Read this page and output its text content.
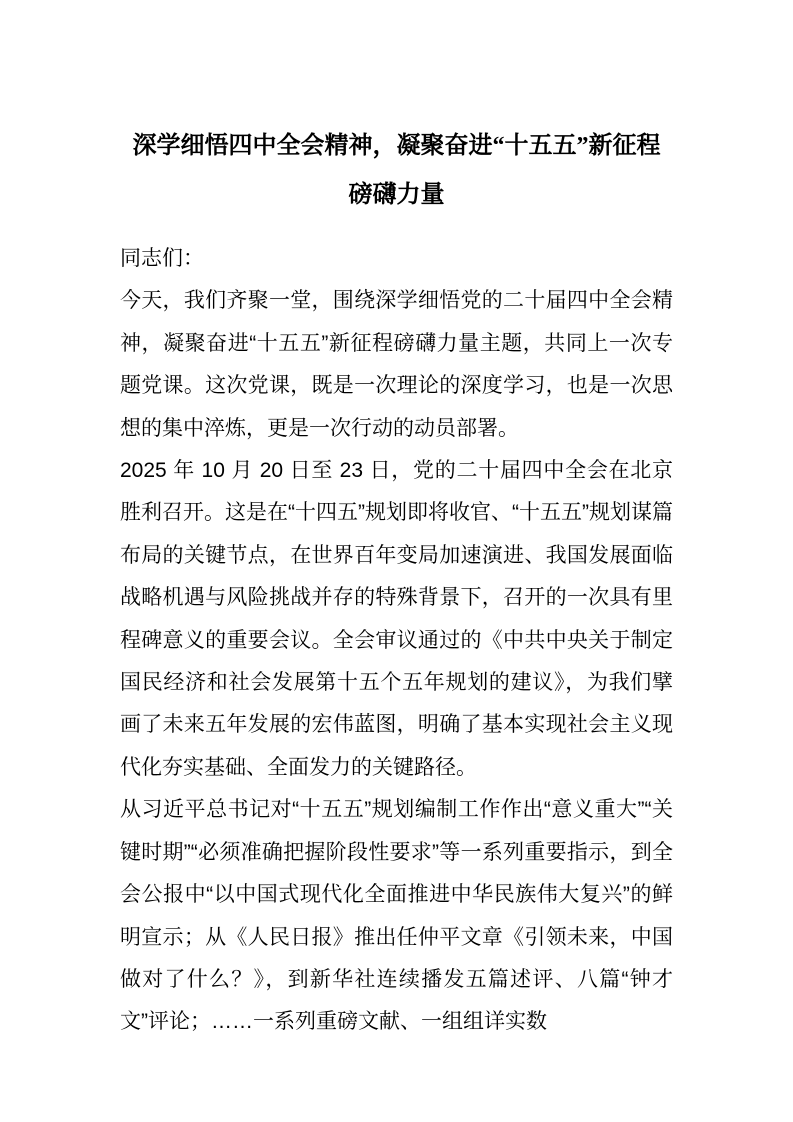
深学细悟四中全会精神，凝聚奋进“十五五”新征程
磅礴力量

同志们：

今天，我们齐聚一堂，围绕深学细悟党的二十届四中全会精神，凝聚奋进“十五五”新征程磅礴力量主题，共同上一次专题党课。这次党课，既是一次理论的深度学习，也是一次思想的集中淬炼，更是一次行动的动员部署。

2025 年 10 月 20 日至 23 日，党的二十届四中全会在北京胜利召开。这是在“十四五”规划即将收官、“十五五”规划谋篇布局的关键节点，在世界百年变局加速演进、我国发展面临战略机遇与风险挑战并存的特殊背景下，召开的一次具有里程碑意义的重要会议。全会审议通过的《中共中央关于制定国民经济和社会发展第十五个五年规划的建议》，为我们擘画了未来五年发展的宏伟蓝图，明确了基本实现社会主义现代化夯实基础、全面发力的关键路径。

从习近平总书记对“十五五”规划编制工作作出“意义重大”“关键时期”“必须准确把握阶段性要求”等一系列重要指示，到全会公报中“以中国式现代化全面推进中华民族伟大复兴”的鲜明宣示；从《人民日报》推出任仲平文章《引领未来，中国做对了什么？》，到新华社连续播发五篇述评、八篇“钟才文”评论；……一系列重磅文献、一组组详实数
